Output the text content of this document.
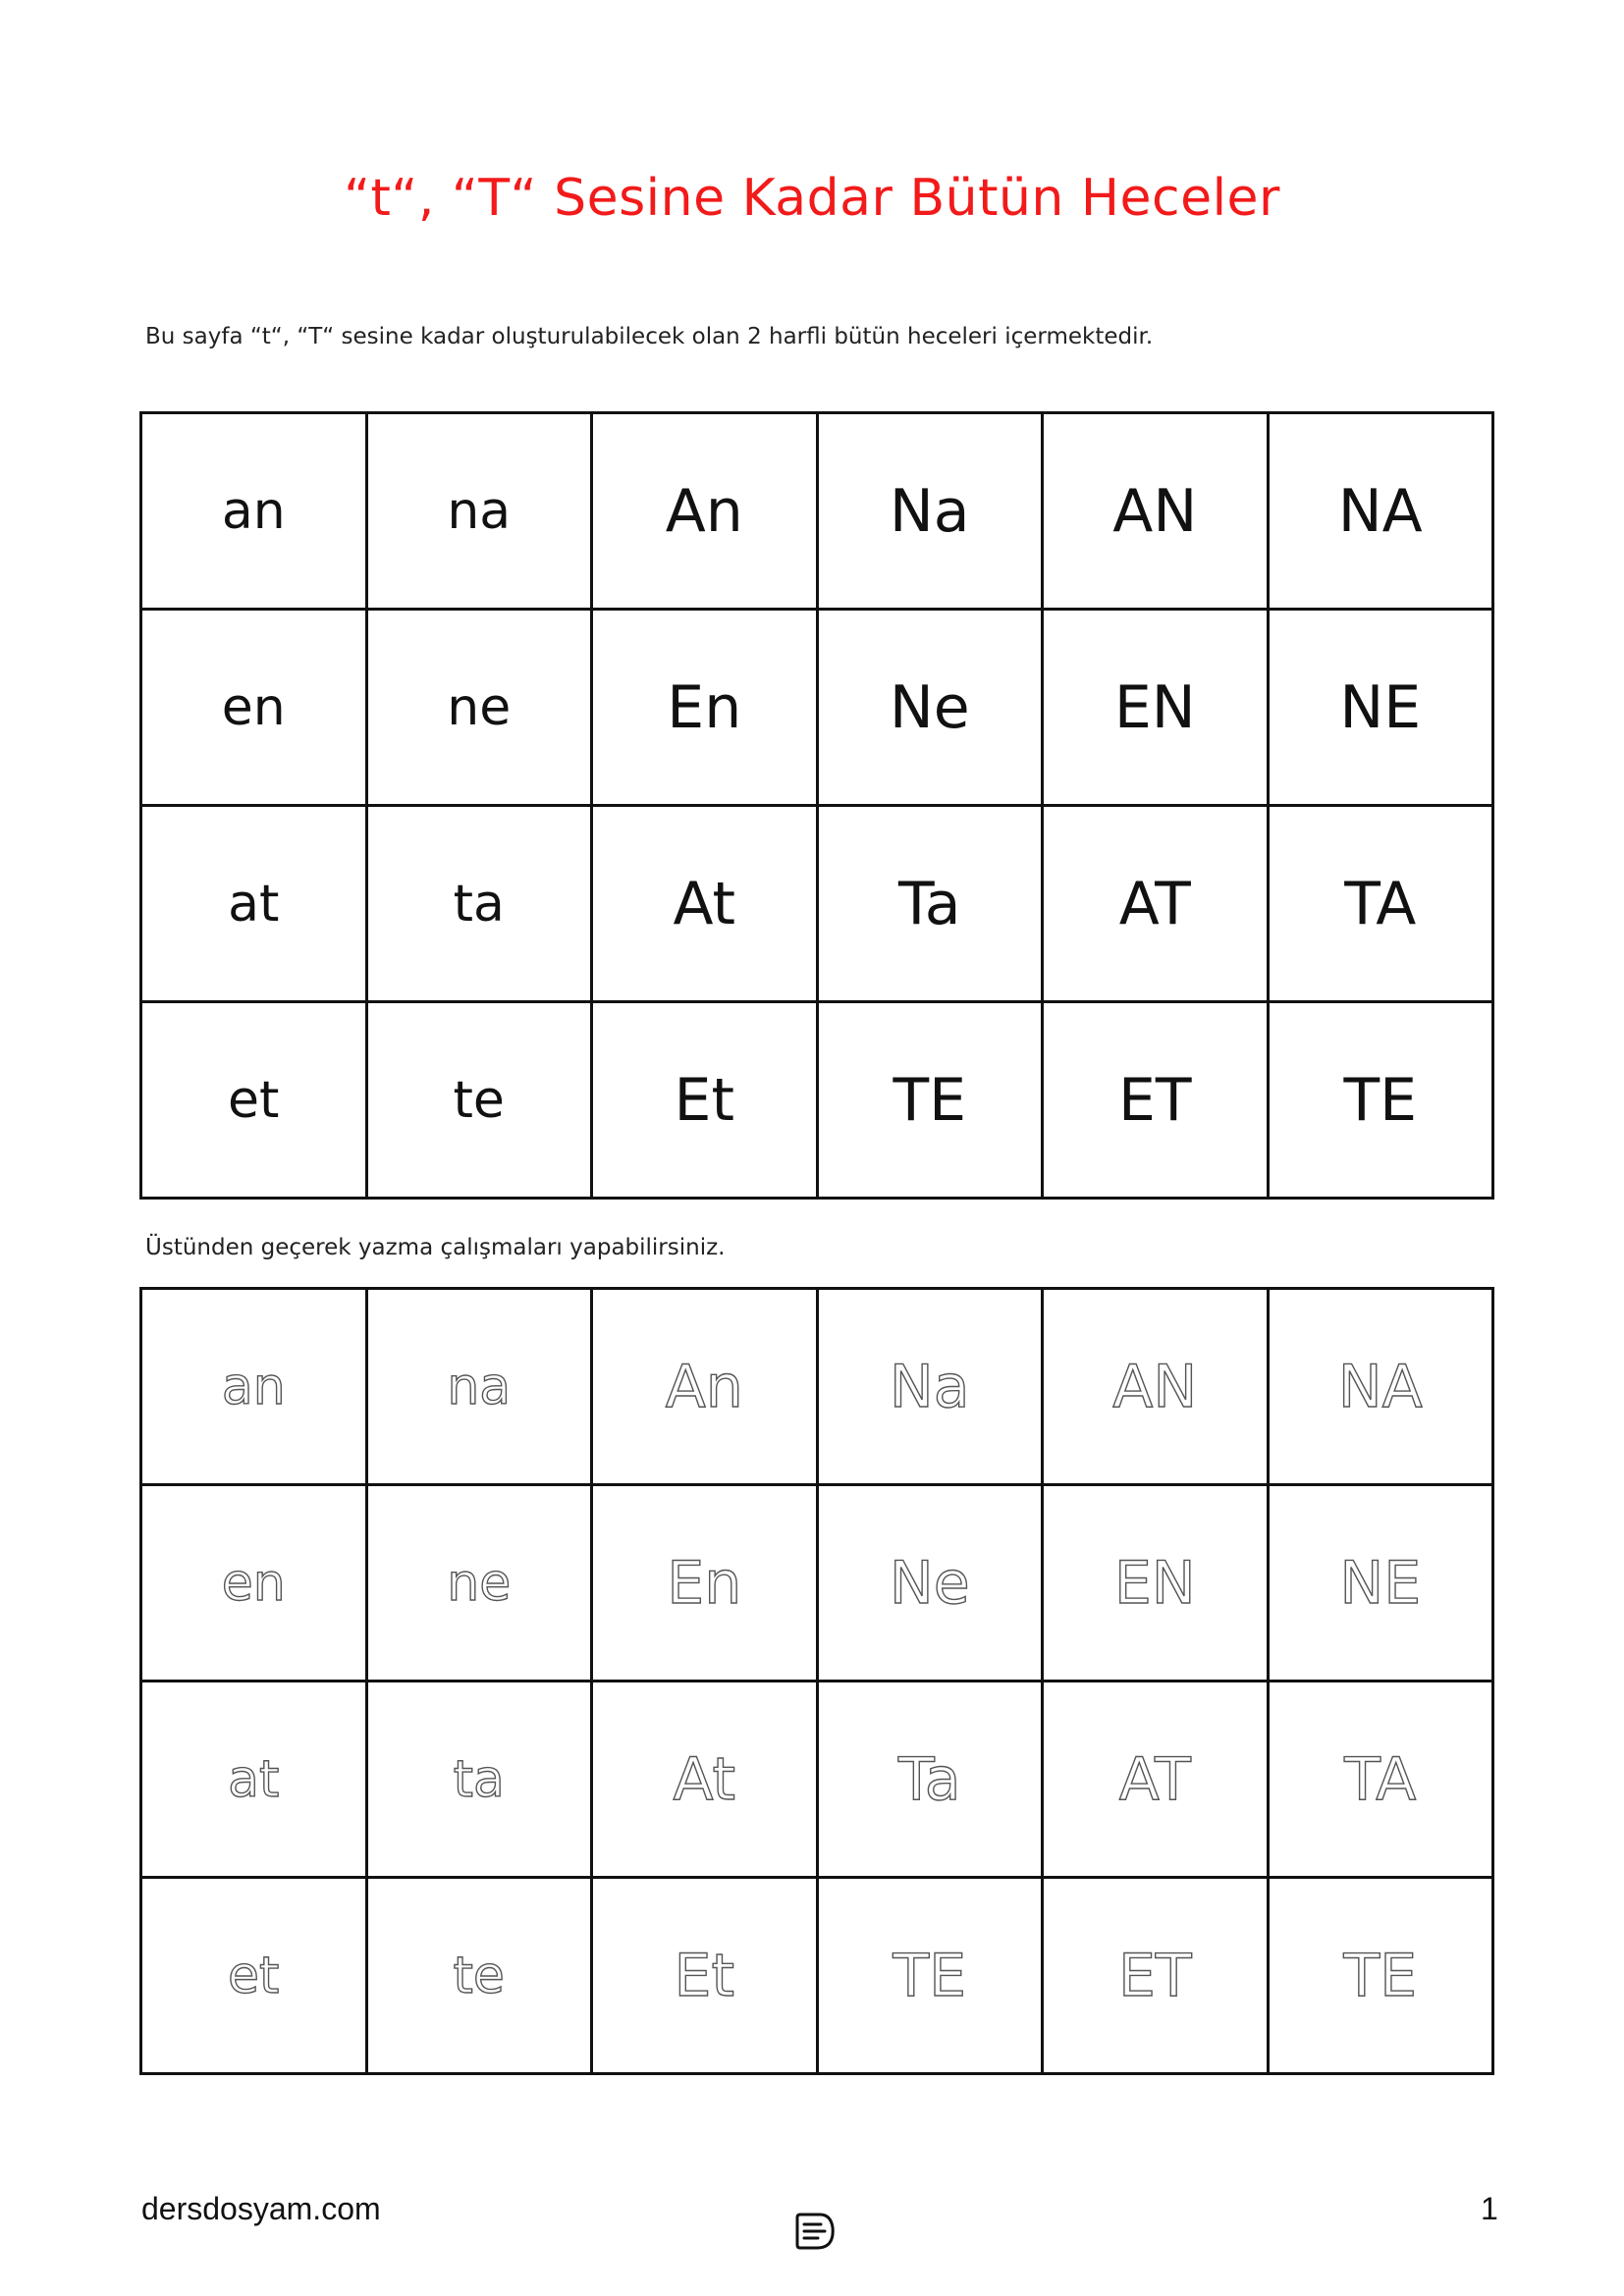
“t“, “T“ Sesine Kadar Bütün Heceler
Bu sayfa “t“, “T“ sesine kadar oluşturulabilecek olan 2 harfli bütün heceleri içermektedir.
an	na	An	Na	AN	NA
en	ne	En	Ne	EN	NE
at	ta	At	Ta	AT	TA
et	te	Et	TE	ET	TE
Üstünden geçerek yazma çalışmaları yapabilirsiniz.
an	na	An	Na	AN	NA
en	ne	En	Ne	EN	NE
at	ta	At	Ta	AT	TA
et	te	Et	TE	ET	TE
dersdosyam.com	1
